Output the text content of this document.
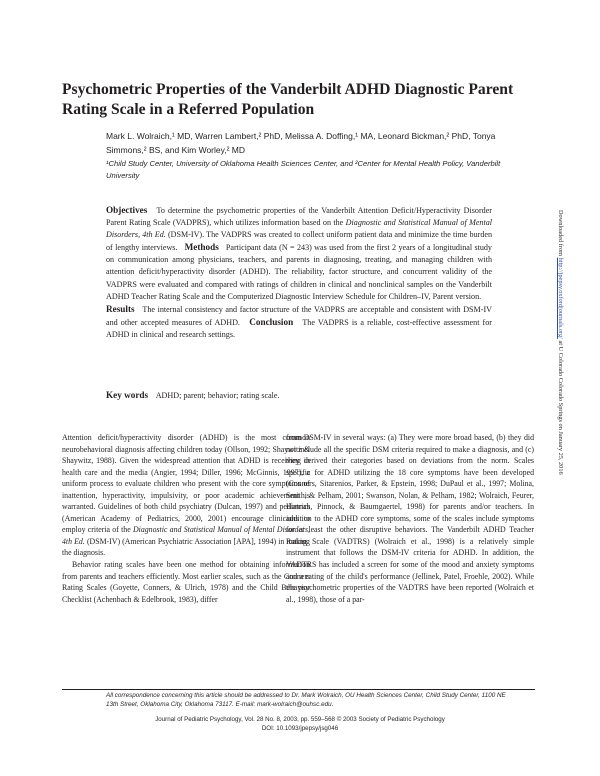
Psychometric Properties of the Vanderbilt ADHD Diagnostic Parent Rating Scale in a Referred Population
Mark L. Wolraich,¹ MD, Warren Lambert,² PhD, Melissa A. Doffing,¹ MA, Leonard Bickman,² PhD, Tonya Simmons,² BS, and Kim Worley,² MD
¹Child Study Center, University of Oklahoma Health Sciences Center, and ²Center for Mental Health Policy, Vanderbilt University
Objectives To determine the psychometric properties of the Vanderbilt Attention Deficit/Hyperactivity Disorder Parent Rating Scale (VADPRS), which utilizes information based on the Diagnostic and Statistical Manual of Mental Disorders, 4th Ed. (DSM-IV). The VADPRS was created to collect uniform patient data and minimize the time burden of lengthy interviews. Methods Participant data (N = 243) was used from the first 2 years of a longitudinal study on communication among physicians, teachers, and parents in diagnosing, treating, and managing children with attention deficit/hyperactivity disorder (ADHD). The reliability, factor structure, and concurrent validity of the VADPRS were evaluated and compared with ratings of children in clinical and nonclinical samples on the Vanderbilt ADHD Teacher Rating Scale and the Computerized Diagnostic Interview Schedule for Children–IV, Parent version.
Results The internal consistency and factor structure of the VADPRS are acceptable and consistent with DSM-IV and other accepted measures of ADHD. Conclusion The VADPRS is a reliable, cost-effective assessment for ADHD in clinical and research settings.
Key words ADHD; parent; behavior; rating scale.

Attention deficit/hyperactivity disorder (ADHD) is the most common neurobehavioral diagnosis affecting children today (Ollson, 1992; Shaywitz & Shaywitz, 1988). Given the widespread attention that ADHD is receiving in health care and the media (Angier, 1994; Diller, 1996; McGinnis, 1997), a uniform process to evaluate children who present with the core symptoms of inattention, hyperactivity, impulsivity, or poor academic achievement is warranted. Guidelines of both child psychiatry (Dulcan, 1997) and pediatrics (American Academy of Pediatrics, 2000, 2001) encourage clinicians to employ criteria of the Diagnostic and Statistical Manual of Mental Disorders, 4th Ed. (DSM-IV) (American Psychiatric Association [APA], 1994) in making the diagnosis.

Behavior rating scales have been one method for obtaining information from parents and teachers efficiently. Most earlier scales, such as the Conners Rating Scales (Goyette, Conners, & Ulrich, 1978) and the Child Behavior Checklist (Achenbach & Edelbrook, 1983), differ

from DSM-IV in several ways: (a) They were more broad based, (b) they did not include all the specific DSM criteria required to make a diagnosis, and (c) they derived their categories based on deviations from the norm. Scales specific for ADHD utilizing the 18 core symptoms have been developed (Conners, Sitarenios, Parker, & Epstein, 1998; DuPaul et al., 1997; Molina, Smith, & Pelham, 2001; Swanson, Nolan, & Pelham, 1982; Wolraich, Feurer, Hannah, Pinnock, & Baumgaertel, 1998) for parents and/or teachers. In addition to the ADHD core symptoms, some of the scales include symptoms for at least the other disruptive behaviors. The Vanderbilt ADHD Teacher Rating Scale (VADTRS) (Wolraich et al., 1998) is a relatively simple instrument that follows the DSM-IV criteria for ADHD. In addition, the VADTRS has included a screen for some of the mood and anxiety symptoms and a rating of the child's performance (Jellinek, Patel, Froehle, 2002). While the psychometric properties of the VADTRS have been reported (Wolraich et al., 1998), those of a par-

All correspondence concerning this article should be addressed to Dr. Mark Wolraich, OU Health Sciences Center, Child Study Center, 1100 NE 13th Street, Oklahoma City, Oklahoma 73117. E-mail: mark-wolraich@ouhsc.edu.
Journal of Pediatric Psychology, Vol. 28 No. 8, 2003, pp. 559–568 © 2003 Society of Pediatric Psychology
DOI: 10.1093/jpepsy/jsg046
Downloaded from http://jpepsy.oxfordjournals.org/ at U Colorado Colorado Springs on January 25, 2016
